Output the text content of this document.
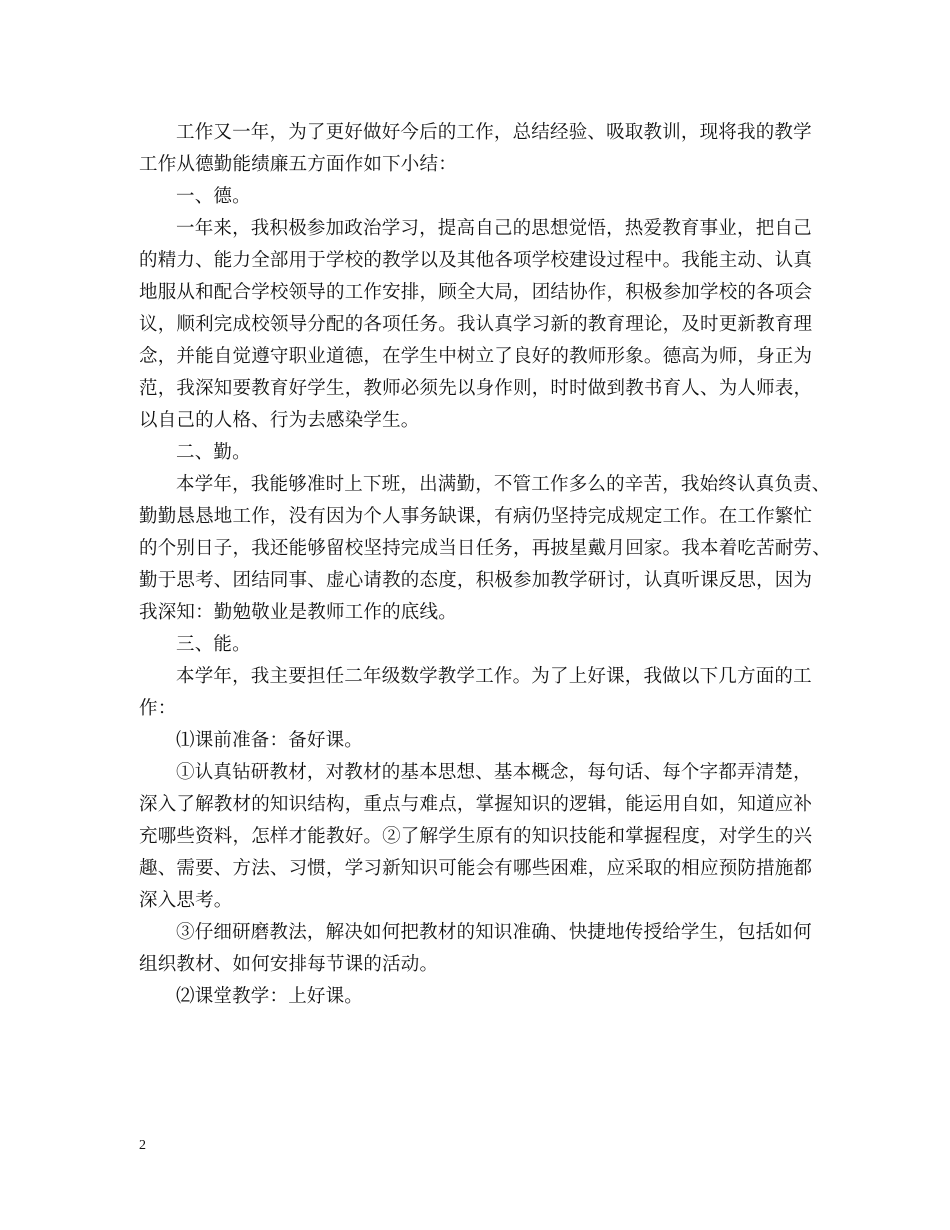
工作又一年，为了更好做好今后的工作，总结经验、吸取教训，现将我的教学
工作从德勤能绩廉五方面作如下小结：
一、德。
一年来，我积极参加政治学习，提高自己的思想觉悟，热爱教育事业，把自己
的精力、能力全部用于学校的教学以及其他各项学校建设过程中。我能主动、认真
地服从和配合学校领导的工作安排，顾全大局，团结协作，积极参加学校的各项会
议，顺利完成校领导分配的各项任务。我认真学习新的教育理论，及时更新教育理
念，并能自觉遵守职业道德，在学生中树立了良好的教师形象。德高为师，身正为
范，我深知要教育好学生，教师必须先以身作则，时时做到教书育人、为人师表，
以自己的人格、行为去感染学生。
二、勤。
本学年，我能够准时上下班，出满勤，不管工作多么的辛苦，我始终认真负责、
勤勤恳恳地工作，没有因为个人事务缺课，有病仍坚持完成规定工作。在工作繁忙
的个别日子，我还能够留校坚持完成当日任务，再披星戴月回家。我本着吃苦耐劳、
勤于思考、团结同事、虚心请教的态度，积极参加教学研讨，认真听课反思，因为
我深知：勤勉敬业是教师工作的底线。
三、能。
本学年，我主要担任二年级数学教学工作。为了上好课，我做以下几方面的工
作：
⑴课前准备：备好课。
①认真钻研教材，对教材的基本思想、基本概念，每句话、每个字都弄清楚，
深入了解教材的知识结构，重点与难点，掌握知识的逻辑，能运用自如，知道应补
充哪些资料，怎样才能教好。②了解学生原有的知识技能和掌握程度，对学生的兴
趣、需要、方法、习惯，学习新知识可能会有哪些困难，应采取的相应预防措施都
深入思考。
③仔细研磨教法，解决如何把教材的知识准确、快捷地传授给学生，包括如何
组织教材、如何安排每节课的活动。
⑵课堂教学：上好课。
2
